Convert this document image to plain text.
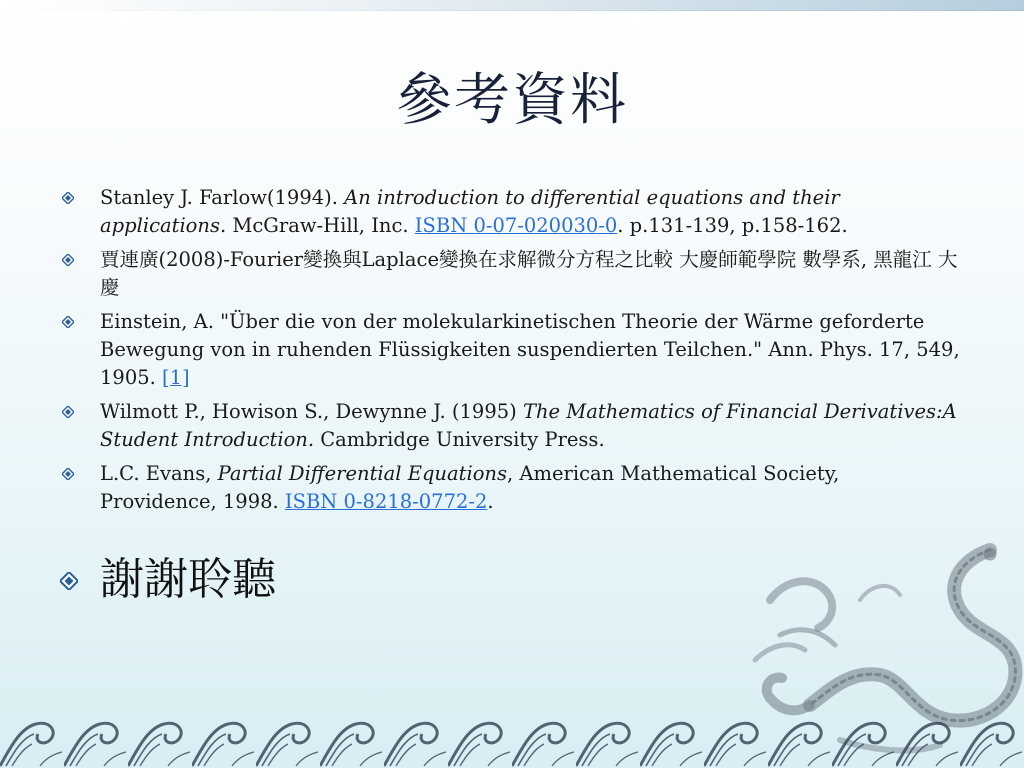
參考資料
Stanley J. Farlow(1994). An introduction to differential equations and their applications. McGraw-Hill, Inc. ISBN 0-07-020030-0. p.131-139, p.158-162.
賈連廣(2008)-Fourier變換與Laplace變換在求解微分方程之比較 大慶師範學院 數學系, 黑龍江 大慶
Einstein, A. "Über die von der molekularkinetischen Theorie der Wärme geforderte Bewegung von in ruhenden Flüssigkeiten suspendierten Teilchen." Ann. Phys. 17, 549, 1905. [1]
Wilmott P., Howison S., Dewynne J. (1995) The Mathematics of Financial Derivatives:A Student Introduction. Cambridge University Press.
L.C. Evans, Partial Differential Equations, American Mathematical Society, Providence, 1998. ISBN 0-8218-0772-2.
謝謝聆聽
